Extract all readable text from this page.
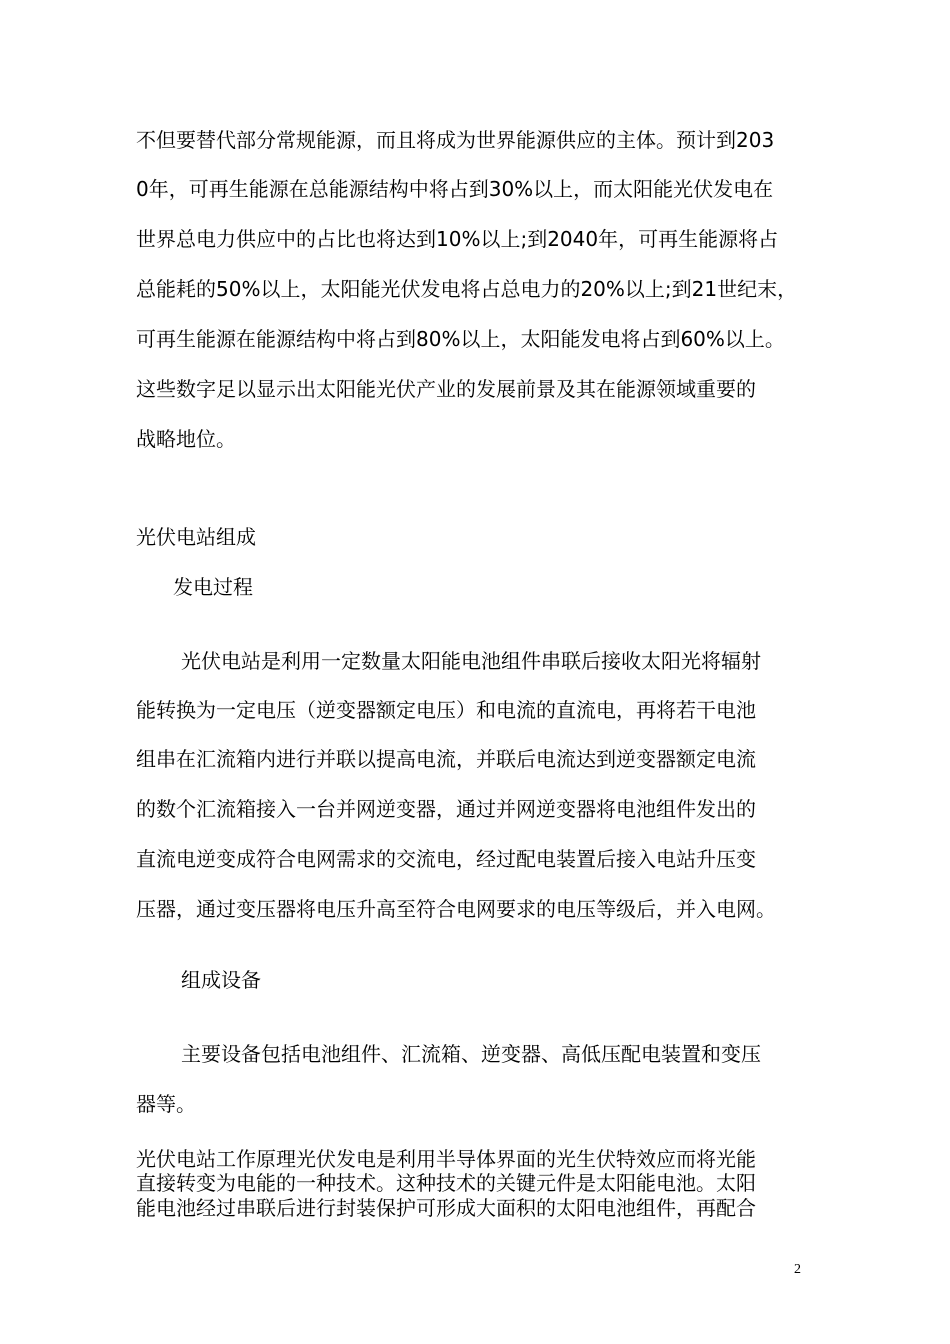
不但要替代部分常规能源，而且将成为世界能源供应的主体。预计到203
0年，可再生能源在总能源结构中将占到30%以上，而太阳能光伏发电在
世界总电力供应中的占比也将达到10%以上;到2040年，可再生能源将占
总能耗的50%以上，太阳能光伏发电将占总电力的20%以上;到21世纪末，
可再生能源在能源结构中将占到80%以上，太阳能发电将占到60%以上。
这些数字足以显示出太阳能光伏产业的发展前景及其在能源领域重要的
战略地位。
光伏电站组成
发电过程
光伏电站是利用一定数量太阳能电池组件串联后接收太阳光将辐射
能转换为一定电压（逆变器额定电压）和电流的直流电，再将若干电池
组串在汇流箱内进行并联以提高电流，并联后电流达到逆变器额定电流
的数个汇流箱接入一台并网逆变器，通过并网逆变器将电池组件发出的
直流电逆变成符合电网需求的交流电，经过配电装置后接入电站升压变
压器，通过变压器将电压升高至符合电网要求的电压等级后，并入电网。
组成设备
主要设备包括电池组件、汇流箱、逆变器、高低压配电装置和变压
器等。
光伏电站工作原理光伏发电是利用半导体界面的光生伏特效应而将光能
直接转变为电能的一种技术。这种技术的关键元件是太阳能电池。太阳
能电池经过串联后进行封装保护可形成大面积的太阳电池组件，再配合
2
